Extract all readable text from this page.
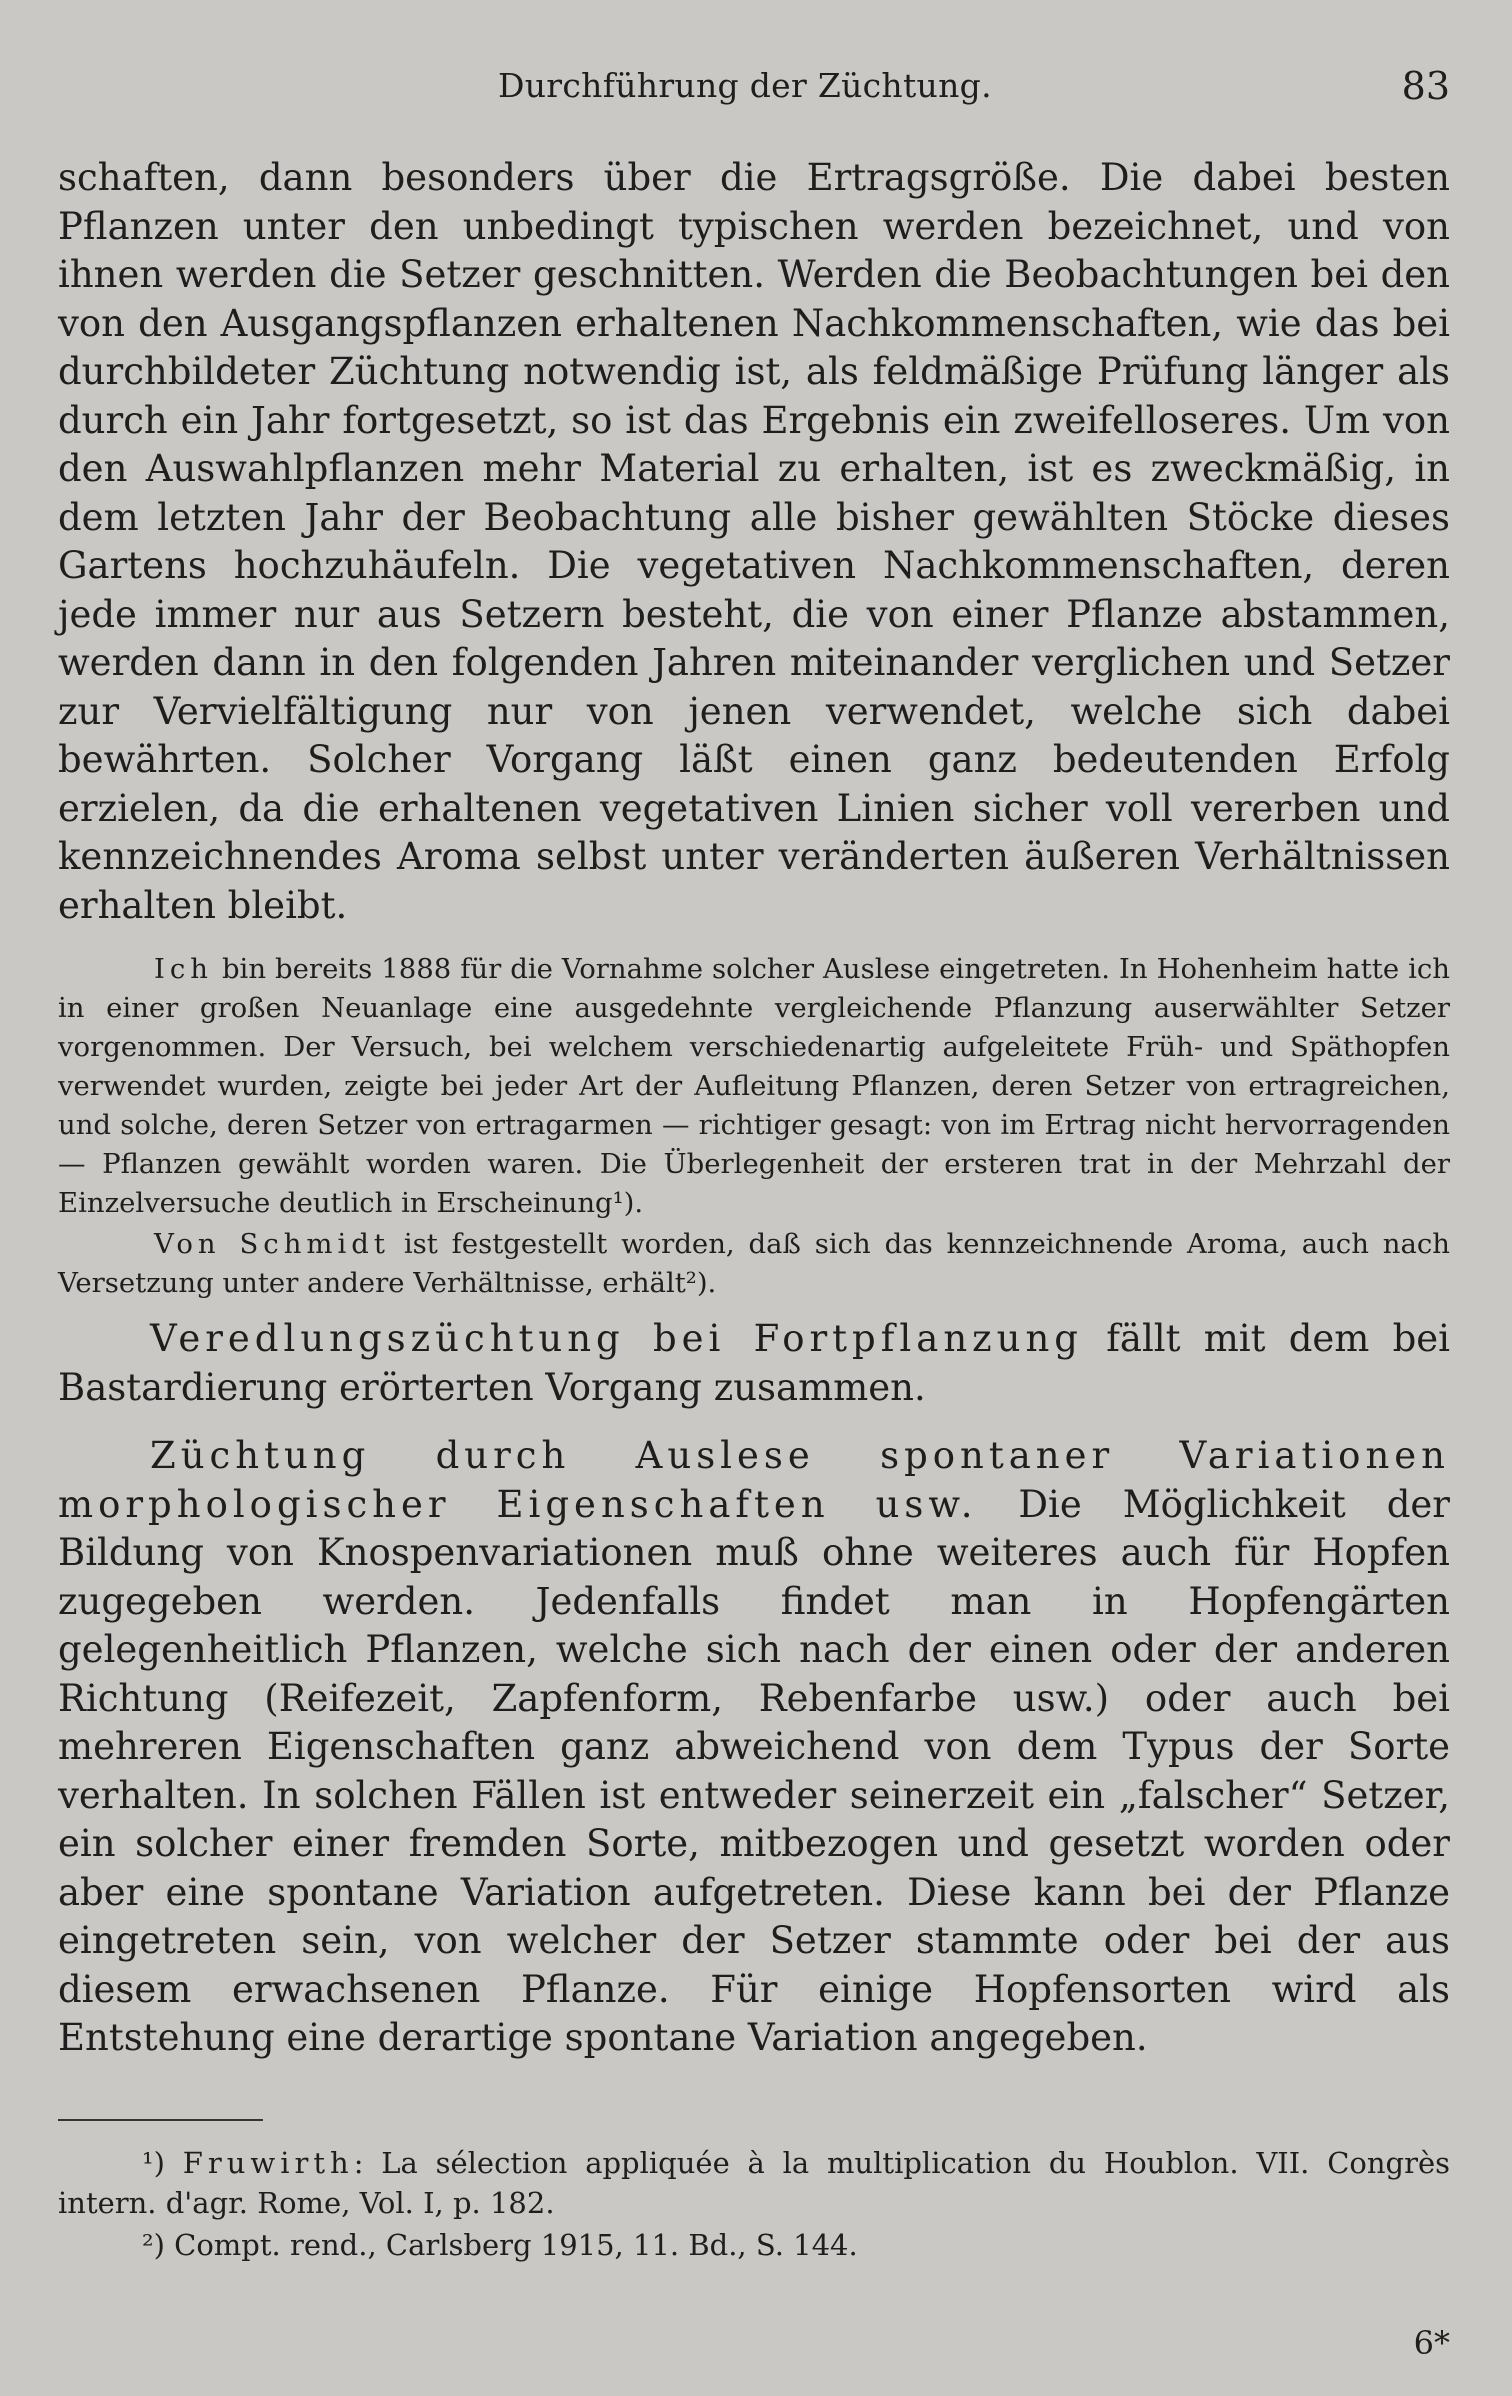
Durchführung der Züchtung.	83

schaften, dann besonders über die Ertragsgröße. Die dabei besten Pflanzen unter den unbedingt typischen werden bezeichnet, und von ihnen werden die Setzer geschnitten. Werden die Beobachtungen bei den von den Ausgangspflanzen erhaltenen Nachkommenschaften, wie das bei durchbildeter Züchtung notwendig ist, als feldmäßige Prüfung länger als durch ein Jahr fortgesetzt, so ist das Ergebnis ein zweifelloseres. Um von den Auswahlpflanzen mehr Material zu erhalten, ist es zweckmäßig, in dem letzten Jahr der Beobachtung alle bisher gewählten Stöcke dieses Gartens hochzuhäufeln. Die vegetativen Nachkommenschaften, deren jede immer nur aus Setzern besteht, die von einer Pflanze abstammen, werden dann in den folgenden Jahren miteinander verglichen und Setzer zur Vervielfältigung nur von jenen verwendet, welche sich dabei bewährten. Solcher Vorgang läßt einen ganz bedeutenden Erfolg erzielen, da die erhaltenen vegetativen Linien sicher voll vererben und kennzeichnendes Aroma selbst unter veränderten äußeren Verhältnissen erhalten bleibt.

Ich bin bereits 1888 für die Vornahme solcher Auslese eingetreten. In Hohenheim hatte ich in einer großen Neuanlage eine ausgedehnte vergleichende Pflanzung auserwählter Setzer vorgenommen. Der Versuch, bei welchem verschiedenartig aufgeleitete Früh- und Späthopfen verwendet wurden, zeigte bei jeder Art der Aufleitung Pflanzen, deren Setzer von ertragreichen, und solche, deren Setzer von ertragarmen — richtiger gesagt: von im Ertrag nicht hervorragenden — Pflanzen gewählt worden waren. Die Überlegenheit der ersteren trat in der Mehrzahl der Einzelversuche deutlich in Erscheinung¹).

Von Schmidt ist festgestellt worden, daß sich das kennzeichnende Aroma, auch nach Versetzung unter andere Verhältnisse, erhält²).

Veredlungszüchtung bei Fortpflanzung fällt mit dem bei Bastardierung erörterten Vorgang zusammen.

Züchtung durch Auslese spontaner Variationen morphologischer Eigenschaften usw. Die Möglichkeit der Bildung von Knospenvariationen muß ohne weiteres auch für Hopfen zugegeben werden. Jedenfalls findet man in Hopfengärten gelegenheitlich Pflanzen, welche sich nach der einen oder der anderen Richtung (Reifezeit, Zapfenform, Rebenfarbe usw.) oder auch bei mehreren Eigenschaften ganz abweichend von dem Typus der Sorte verhalten. In solchen Fällen ist entweder seinerzeit ein „falscher“ Setzer, ein solcher einer fremden Sorte, mitbezogen und gesetzt worden oder aber eine spontane Variation aufgetreten. Diese kann bei der Pflanze eingetreten sein, von welcher der Setzer stammte oder bei der aus diesem erwachsenen Pflanze. Für einige Hopfensorten wird als Entstehung eine derartige spontane Variation angegeben.

¹) Fruwirth: La sélection appliquée à la multiplication du Houblon. VII. Congrès intern. d'agr. Rome, Vol. I, p. 182.

²) Compt. rend., Carlsberg 1915, 11. Bd., S. 144.

6*
